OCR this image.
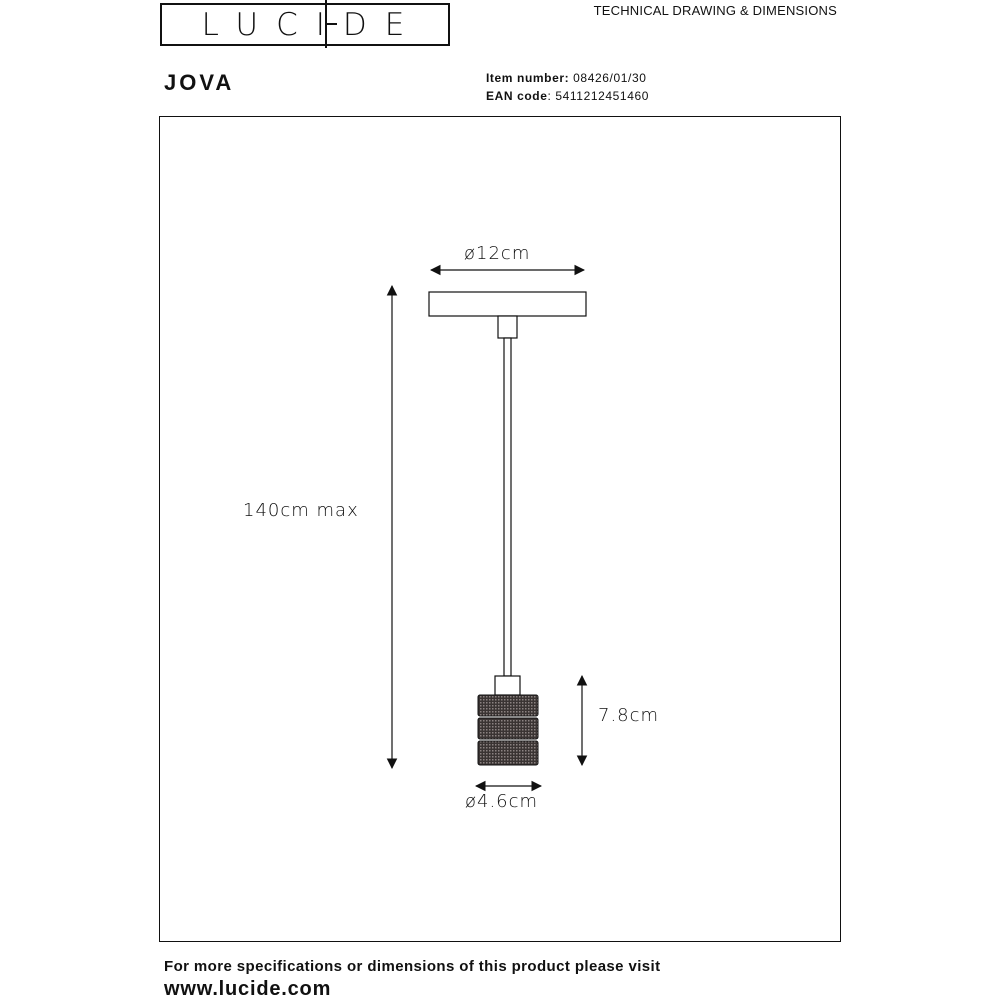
LUCIDE	TECHNICAL DRAWING & DIMENSIONS
JOVA	Item number: 08426/01/30
EAN code: 5411212451460
ø12cm
140cm max
7.8cm
ø4.6cm
For more specifications or dimensions of this product please visit
www.lucide.com
